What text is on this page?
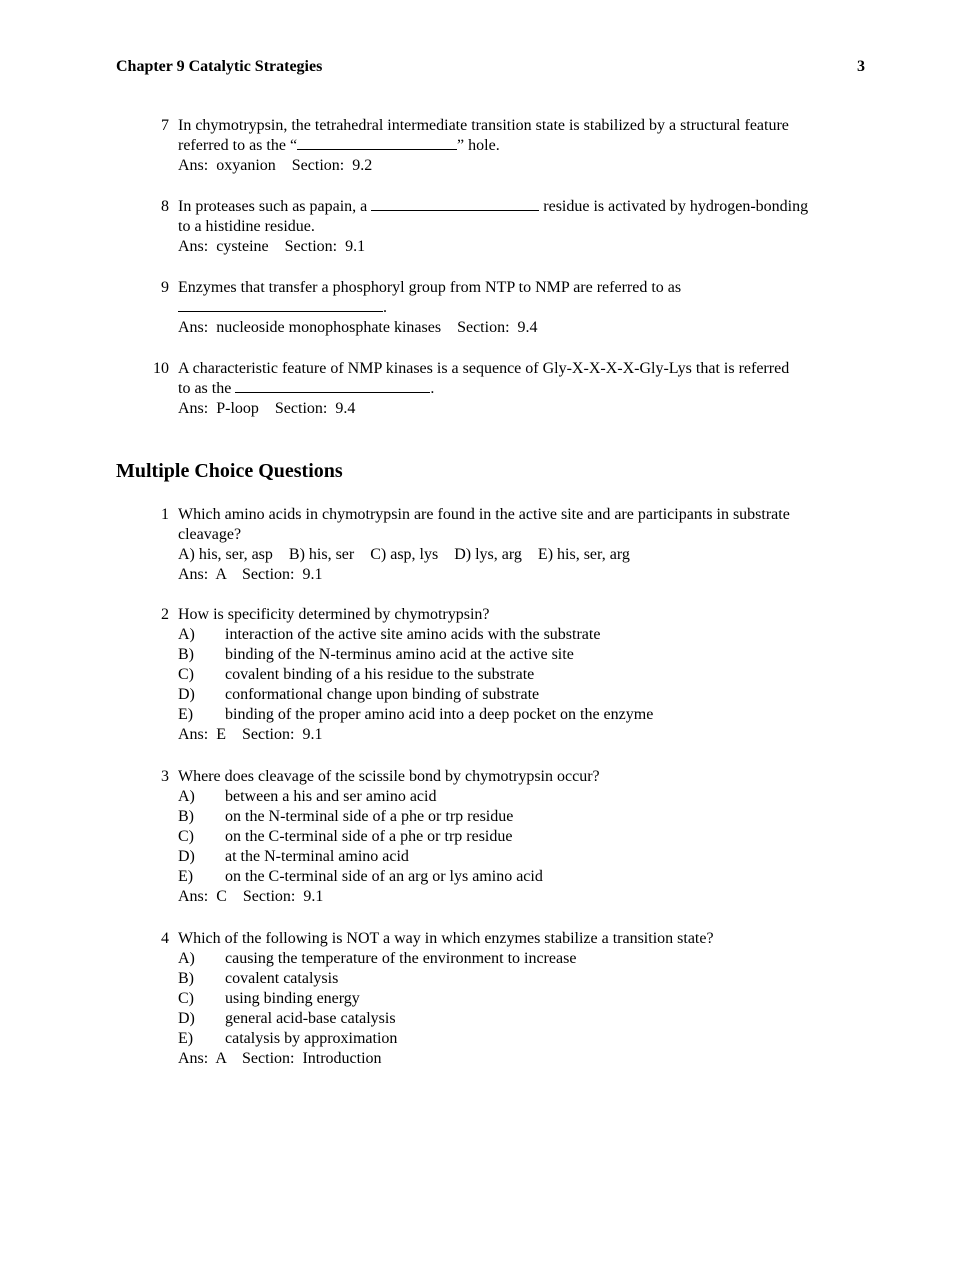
Chapter 9 Catalytic Strategies	3
7 In chymotrypsin, the tetrahedral intermediate transition state is stabilized by a structural feature
referred to as the “	” hole.
Ans:  oxyanion    Section:  9.2
8 In proteases such as papain, a	residue is activated by hydrogen-bonding
to a histidine residue.
Ans:  cysteine    Section:  9.1
9 Enzymes that transfer a phosphoryl group from NTP to NMP are referred to as
.
Ans:  nucleoside monophosphate kinases    Section:  9.4
10 A characteristic feature of NMP kinases is a sequence of Gly-X-X-X-X-Gly-Lys that is referred
to as the	.
Ans:  P-loop    Section:  9.4
Multiple Choice Questions
1 Which amino acids in chymotrypsin are found in the active site and are participants in substrate
cleavage?
A) his, ser, asp    B) his, ser    C) asp, lys    D) lys, arg    E) his, ser, arg
Ans:  A    Section:  9.1
2 How is specificity determined by chymotrypsin?
A)	interaction of the active site amino acids with the substrate
B)	binding of the N-terminus amino acid at the active site
C)	covalent binding of a his residue to the substrate
D)	conformational change upon binding of substrate
E)	binding of the proper amino acid into a deep pocket on the enzyme
Ans:  E    Section:  9.1
3 Where does cleavage of the scissile bond by chymotrypsin occur?
A)	between a his and ser amino acid
B)	on the N-terminal side of a phe or trp residue
C)	on the C-terminal side of a phe or trp residue
D)	at the N-terminal amino acid
E)	on the C-terminal side of an arg or lys amino acid
Ans:  C    Section:  9.1
4 Which of the following is NOT a way in which enzymes stabilize a transition state?
A)	causing the temperature of the environment to increase
B)	covalent catalysis
C)	using binding energy
D)	general acid-base catalysis
E)	catalysis by approximation
Ans:  A    Section:  Introduction
